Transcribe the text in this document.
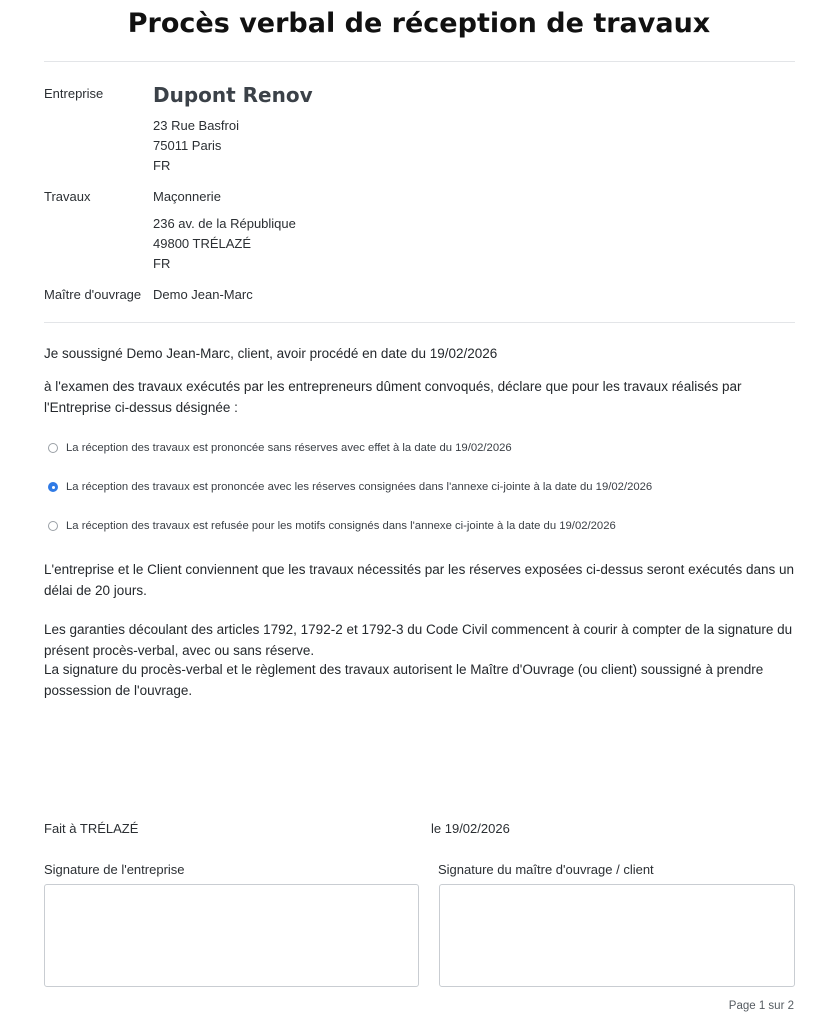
Procès verbal de réception de travaux
Entreprise Dupont Renov
23 Rue Basfroi
75011 Paris
FR
Travaux	Maçonnerie
236 av. de la République
49800 TRÉLAZÉ
FR
Maître d'ouvrage Demo Jean-Marc
Je soussigné Demo Jean-Marc, client, avoir procédé en date du 19/02/2026
à l'examen des travaux exécutés par les entrepreneurs dûment convoqués, déclare que pour les travaux réalisés par l'Entreprise ci-dessus désignée :
La réception des travaux est prononcée sans réserves avec effet à la date du 19/02/2026
La réception des travaux est prononcée avec les réserves consignées dans l'annexe ci-jointe à la date du 19/02/2026
La réception des travaux est refusée pour les motifs consignés dans l'annexe ci-jointe à la date du 19/02/2026
L'entreprise et le Client conviennent que les travaux nécessités par les réserves exposées ci-dessus seront exécutés dans un délai de 20 jours.
Les garanties découlant des articles 1792, 1792-2 et 1792-3 du Code Civil commencent à courir à compter de la signature du présent procès-verbal, avec ou sans réserve.
La signature du procès-verbal et le règlement des travaux autorisent le Maître d'Ouvrage (ou client) soussigné à prendre possession de l'ouvrage.
Fait à TRÉLAZÉ	le 19/02/2026
Signature de l'entreprise	Signature du maître d'ouvrage / client
Page 1 sur 2
